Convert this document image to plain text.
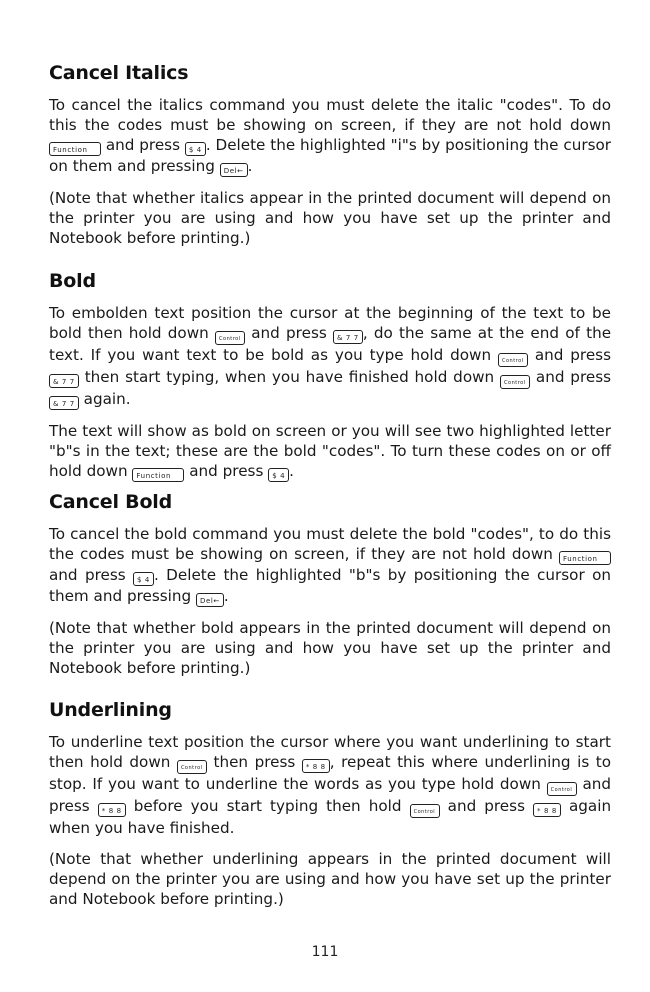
Cancel Italics

To cancel the italics command you must delete the italic "codes". To do this the codes must be showing on screen, if they are not hold down Function and press $ 4 . Delete the highlighted "i"s by positioning the cursor on them and pressing Del← .

(Note that whether italics appear in the printed document will depend on the printer you are using and how you have set up the printer and Notebook before printing.)

Bold

To embolden text position the cursor at the beginning of the text to be bold then hold down Control and press & 7 7 , do the same at the end of the text. If you want text to be bold as you type hold down Control and press & 7 7 then start typing, when you have finished hold down Control and press & 7 7 again.

The text will show as bold on screen or you will see two highlighted letter "b"s in the text; these are the bold "codes". To turn these codes on or off hold down Function and press $ 4 .

Cancel Bold

To cancel the bold command you must delete the bold "codes", to do this the codes must be showing on screen, if they are not hold down Function and press $ 4 . Delete the highlighted "b"s by positioning the cursor on them and pressing Del← .

(Note that whether bold appears in the printed document will depend on the printer you are using and how you have set up the printer and Notebook before printing.)

Underlining

To underline text position the cursor where you want underlining to start then hold down Control then press * 8 8 , repeat this where underlining is to stop. If you want to underline the words as you type hold down Control and press * 8 8 before you start typing then hold Control and press * 8 8 again when you have finished.

(Note that whether underlining appears in the printed document will depend on the printer you are using and how you have set up the printer and Notebook before printing.)

111
